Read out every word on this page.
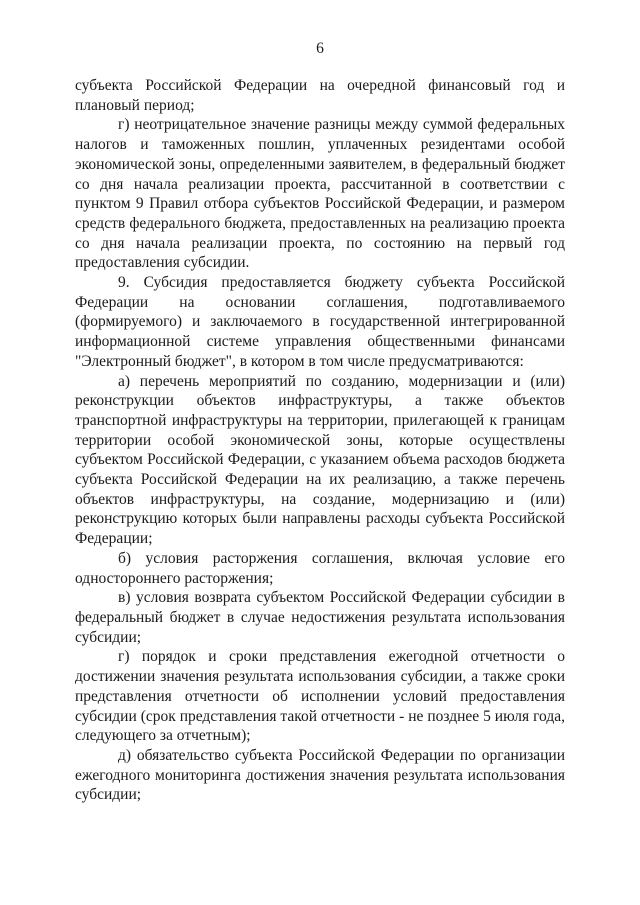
6

субъекта Российской Федерации на очередной финансовый год и плановый период;

г) неотрицательное значение разницы между суммой федеральных налогов и таможенных пошлин, уплаченных резидентами особой экономической зоны, определенными заявителем, в федеральный бюджет со дня начала реализации проекта, рассчитанной в соответствии с пунктом 9 Правил отбора субъектов Российской Федерации, и размером средств федерального бюджета, предоставленных на реализацию проекта со дня начала реализации проекта, по состоянию на первый год предоставления субсидии.

9. Субсидия предоставляется бюджету субъекта Российской Федерации на основании соглашения, подготавливаемого (формируемого) и заключаемого в государственной интегрированной информационной системе управления общественными финансами "Электронный бюджет", в котором в том числе предусматриваются:

а) перечень мероприятий по созданию, модернизации и (или) реконструкции объектов инфраструктуры, а также объектов транспортной инфраструктуры на территории, прилегающей к границам территории особой экономической зоны, которые осуществлены субъектом Российской Федерации, с указанием объема расходов бюджета субъекта Российской Федерации на их реализацию, а также перечень объектов инфраструктуры, на создание, модернизацию и (или) реконструкцию которых были направлены расходы субъекта Российской Федерации;

б) условия расторжения соглашения, включая условие его одностороннего расторжения;

в) условия возврата субъектом Российской Федерации субсидии в федеральный бюджет в случае недостижения результата использования субсидии;

г) порядок и сроки представления ежегодной отчетности о достижении значения результата использования субсидии, а также сроки представления отчетности об исполнении условий предоставления субсидии (срок представления такой отчетности - не позднее 5 июля года, следующего за отчетным);

д) обязательство субъекта Российской Федерации по организации ежегодного мониторинга достижения значения результата использования субсидии;
